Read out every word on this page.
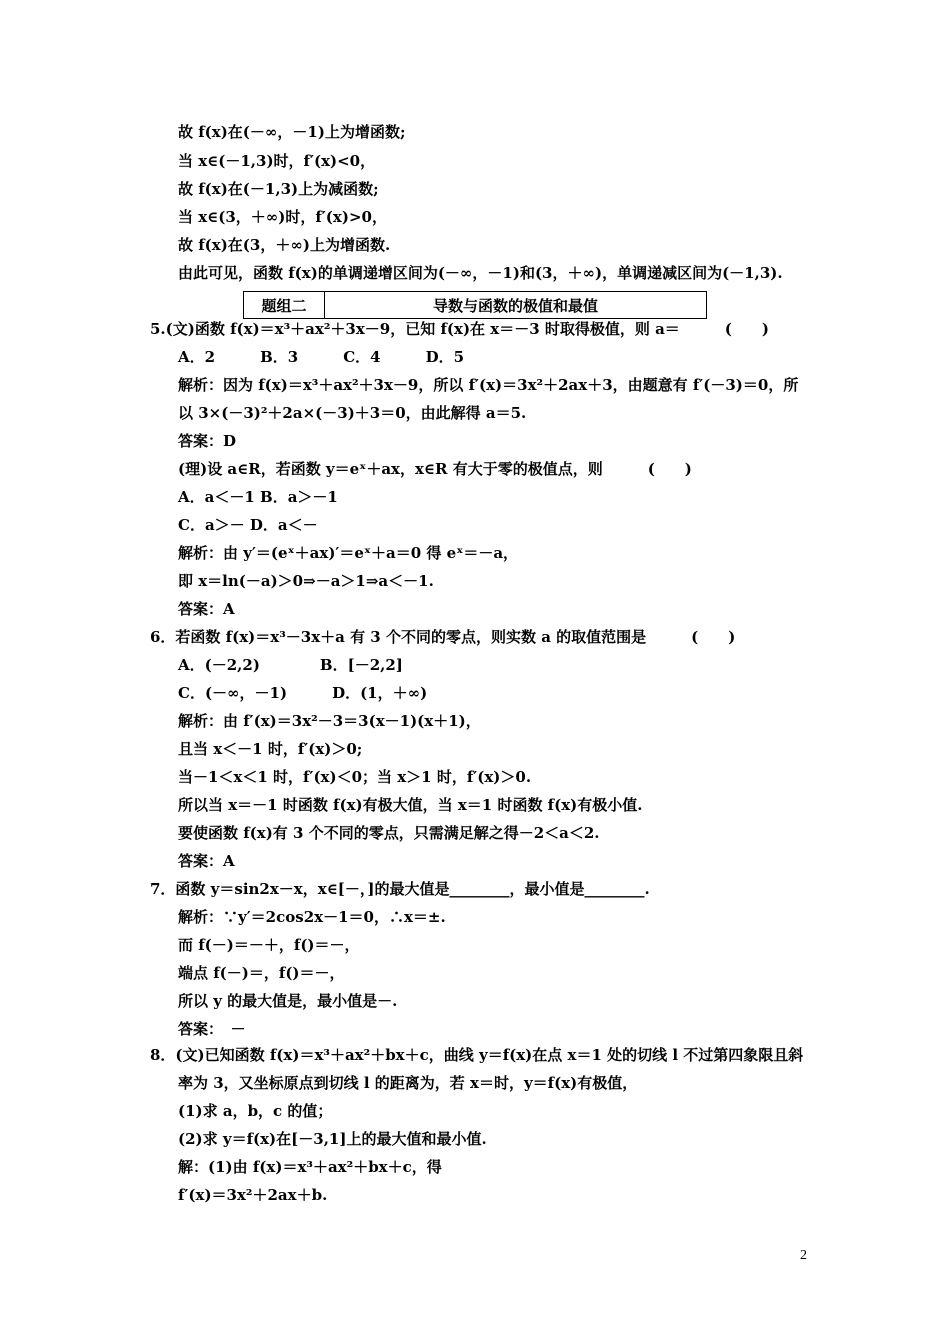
故 f(x)在(－∞，－1)上为增函数;
当 x∈(－1,3)时，f′(x)<0，
故 f(x)在(－1,3)上为减函数;
当 x∈(3，＋∞)时，f′(x)>0，
故 f(x)在(3，＋∞)上为增函数.
由此可见，函数 f(x)的单调递增区间为(－∞，－1)和(3，＋∞)，单调递减区间为(－1,3).
题组二	导数与函数的极值和最值
5.(文)函数 f(x)＝x³＋ax²＋3x－9，已知 f(x)在 x＝－3 时取得极值，则 a＝　　　(　　)
A．2　　　B．3　　　C．4　　　D．5
解析：因为 f(x)＝x³＋ax²＋3x－9，所以 f′(x)＝3x²＋2ax＋3，由题意有 f′(－3)＝0，所
以 3×(－3)²＋2a×(－3)＋3＝0，由此解得 a＝5.
答案：D
(理)设 a∈R，若函数 y＝eˣ＋ax，x∈R 有大于零的极值点，则　　　(　　)
A．a＜－1 B．a＞－1
C．a＞－ D．a＜－
解析：由 y′＝(eˣ＋ax)′＝eˣ＋a＝0 得 eˣ＝－a，
即 x＝ln(－a)＞0⇒－a＞1⇒a＜－1.
答案：A
6．若函数 f(x)＝x³－3x＋a 有 3 个不同的零点，则实数 a 的取值范围是　　　(　　)
A．(－2,2)　　　　B．[－2,2]
C．(－∞，－1)　　　D．(1，＋∞)
解析：由 f′(x)＝3x²－3＝3(x－1)(x＋1)，
且当 x＜－1 时，f′(x)＞0;
当－1＜x＜1 时，f′(x)＜0；当 x＞1 时，f′(x)＞0.
所以当 x＝－1 时函数 f(x)有极大值，当 x＝1 时函数 f(x)有极小值.
要使函数 f(x)有 3 个不同的零点，只需满足解之得－2＜a＜2.
答案：A
7．函数 y＝sin2x－x，x∈[－，]的最大值是________，最小值是________.
解析：∵y′＝2cos2x－1＝0，∴x＝±.
而 f(－)＝－＋，f()＝－，
端点 f(－)＝，f()＝－，
所以 y 的最大值是，最小值是－.
答案：　－
8．(文)已知函数 f(x)＝x³＋ax²＋bx＋c，曲线 y＝f(x)在点 x＝1 处的切线 l 不过第四象限且斜
率为 3，又坐标原点到切线 l 的距离为，若 x＝时，y＝f(x)有极值，
(1)求 a，b，c 的值；
(2)求 y＝f(x)在[－3,1]上的最大值和最小值.
解：(1)由 f(x)＝x³＋ax²＋bx＋c，得
f′(x)＝3x²＋2ax＋b.
2
